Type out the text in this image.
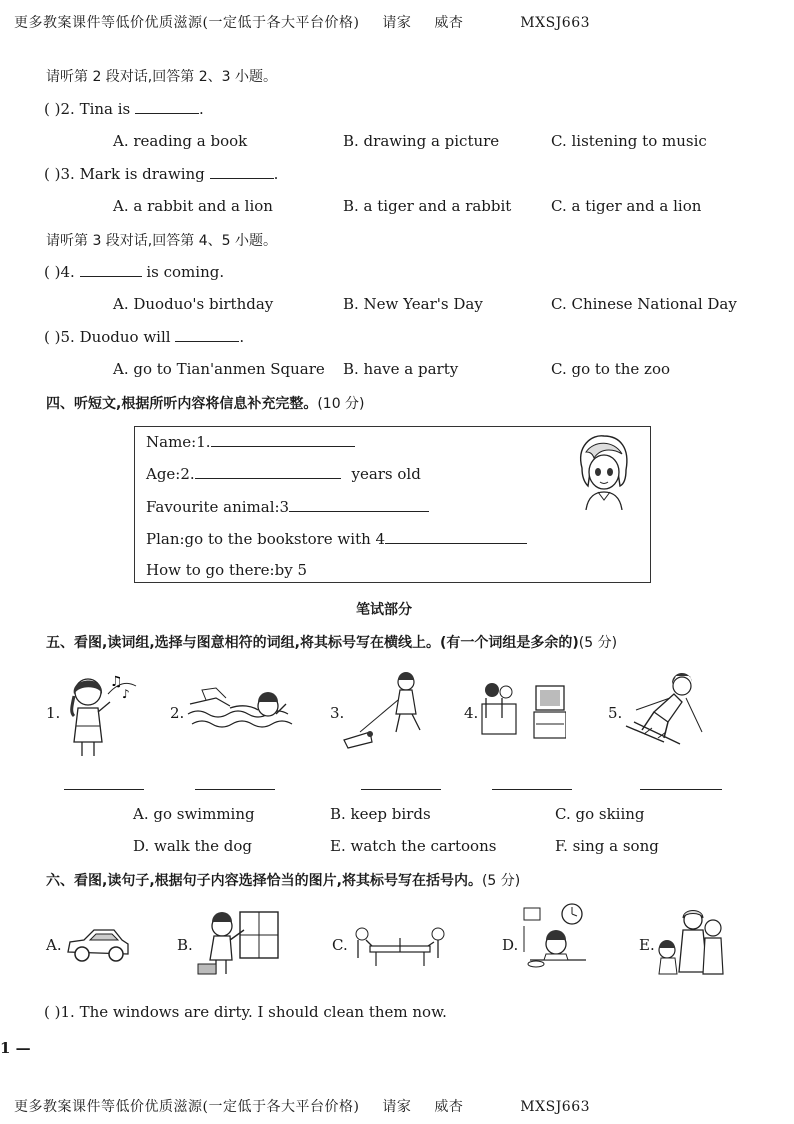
更多教案课件等低价优质滋源(一定低于各大平台价格) 请家 威杏	MXSJ663
请听第 2 段对话,回答第 2、3 小题。
( )2. Tina is	.
A. reading a book	B. drawing a picture	C. listening to music
( )3. Mark is drawing	.
A. a rabbit and a lion	B. a tiger and a rabbit	C. a tiger and a lion
请听第 3 段对话,回答第 4、5 小题。
( )4.	is coming.
A. Duoduo's birthday	B. New Year's Day	C. Chinese National Day
( )5. Duoduo will	.
A. go to Tian'anmen Square B. have a party	C. go to the zoo
四、听短文,根据所听内容将信息补充完整。(10 分)
Name:1.
Age:2.	years old
Favourite animal:3
Plan:go to the bookstore with 4
How to go there:by 5
笔试部分
五、看图,读词组,选择与图意相符的词组,将其标号写在横线上。(有一个词组是多余的)(5 分)
1.	2.	3.	4.	5.
♫
♪
A. go swimming	B. keep birds	C. go skiing
D. walk the dog	E. watch the cartoons	F. sing a song
六、看图,读句子,根据句子内容选择恰当的图片,将其标号写在括号内。(5 分)
A.	B.	C.	D.	E.
( )1. The windows are dirty. I should clean them now.
1 —
更多教案课件等低价优质滋源(一定低于各大平台价格) 请家 威杏	MXSJ663
